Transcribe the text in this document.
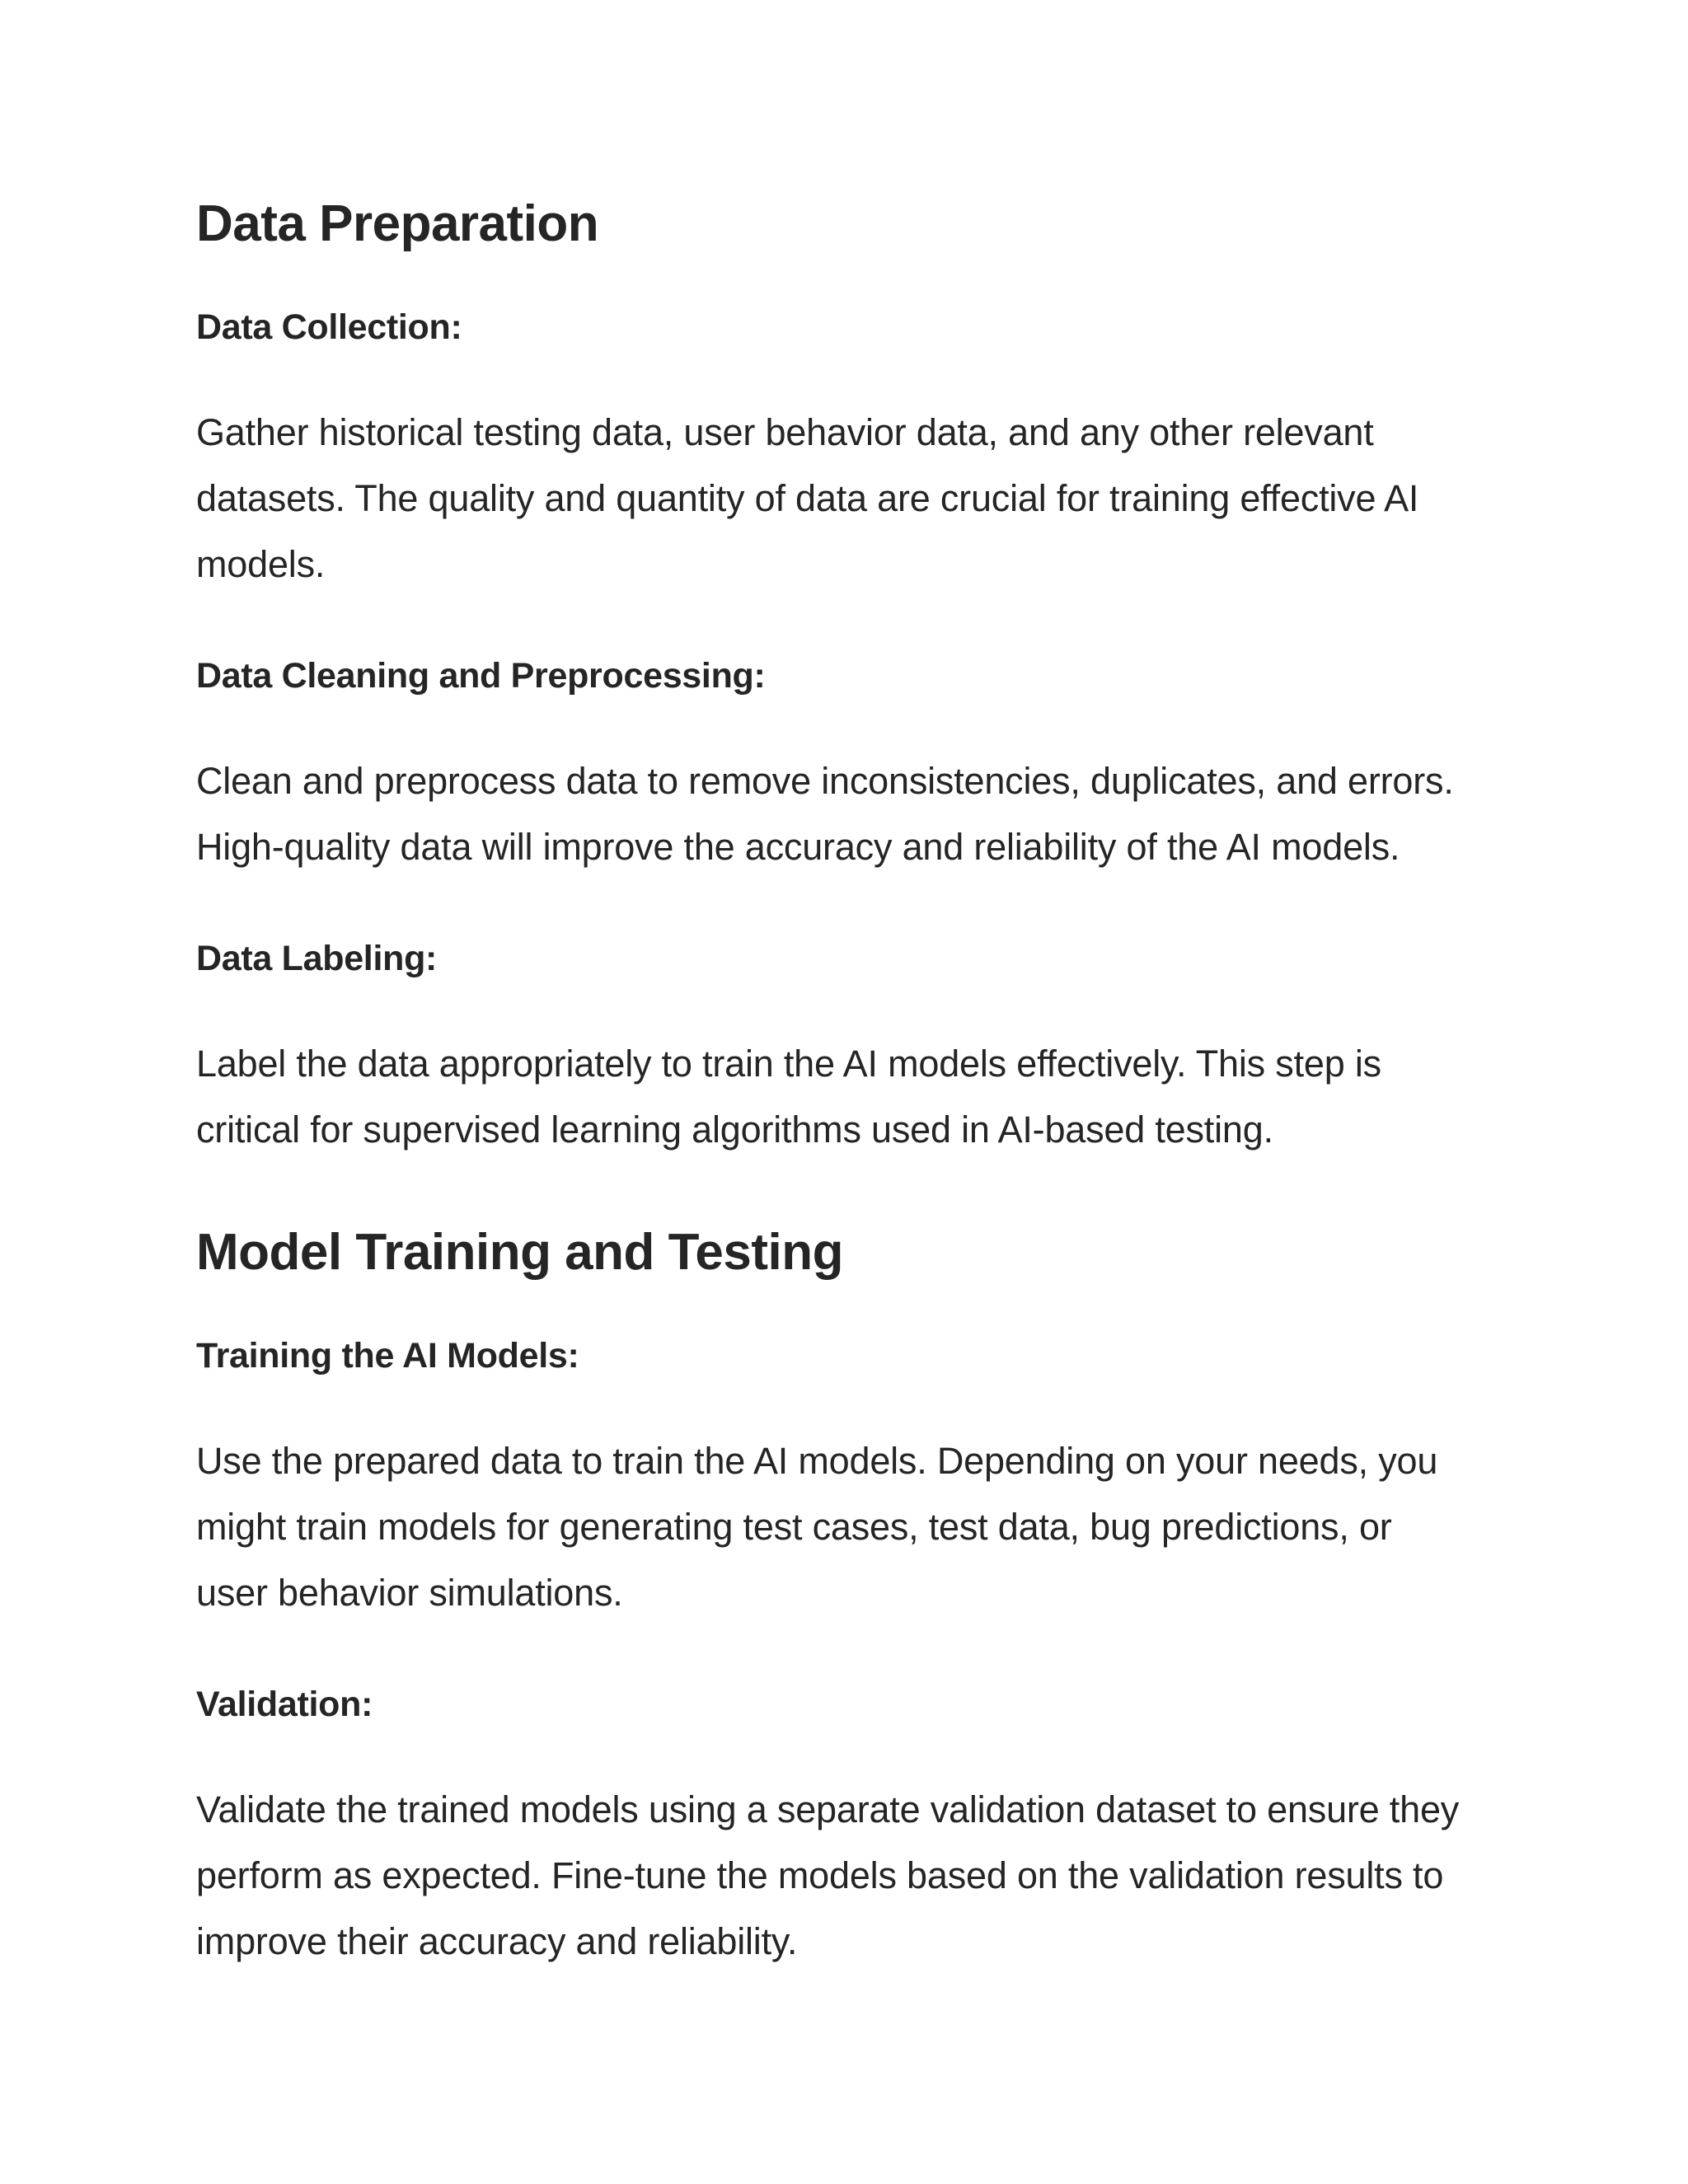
Data Preparation
Data Collection:

Gather historical testing data, user behavior data, and any other relevant
datasets. The quality and quantity of data are crucial for training effective AI
models.

Data Cleaning and Preprocessing:

Clean and preprocess data to remove inconsistencies, duplicates, and errors.
High-quality data will improve the accuracy and reliability of the AI models.

Data Labeling:

Label the data appropriately to train the AI models effectively. This step is
critical for supervised learning algorithms used in AI-based testing.

Model Training and Testing
Training the AI Models:

Use the prepared data to train the AI models. Depending on your needs, you
might train models for generating test cases, test data, bug predictions, or
user behavior simulations.

Validation:

Validate the trained models using a separate validation dataset to ensure they
perform as expected. Fine-tune the models based on the validation results to
improve their accuracy and reliability.
